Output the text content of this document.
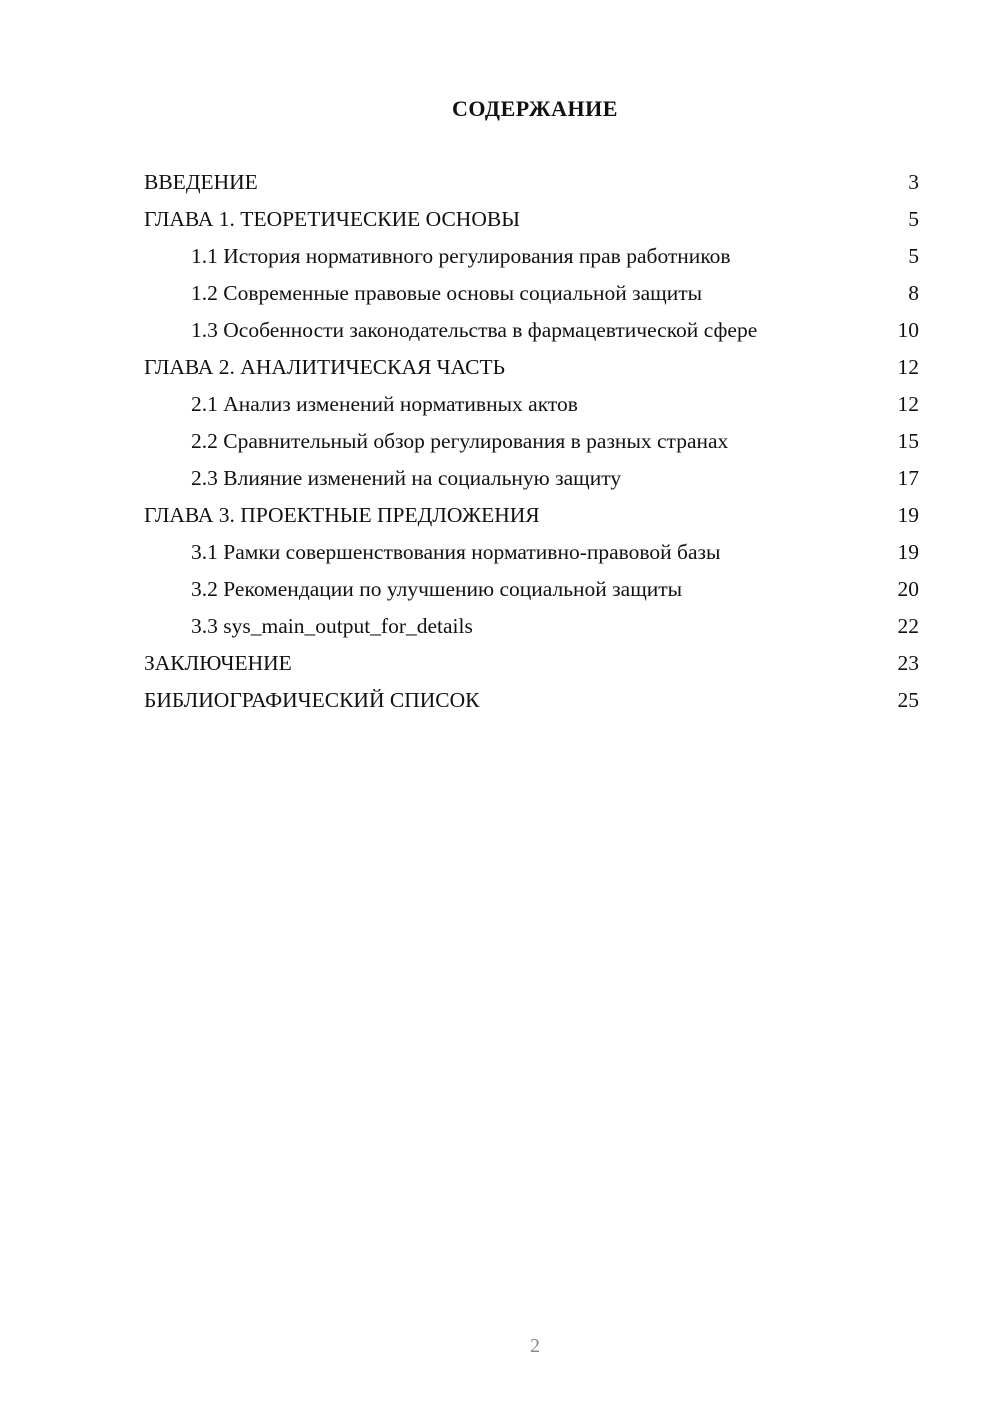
СОДЕРЖАНИЕ
ВВЕДЕНИЕ	3
ГЛАВА 1. ТЕОРЕТИЧЕСКИЕ ОСНОВЫ	5
1.1 История нормативного регулирования прав работников	5
1.2 Современные правовые основы социальной защиты	8
1.3 Особенности законодательства в фармацевтической сфере	10
ГЛАВА 2. АНАЛИТИЧЕСКАЯ ЧАСТЬ	12
2.1 Анализ изменений нормативных актов	12
2.2 Сравнительный обзор регулирования в разных странах	15
2.3 Влияние изменений на социальную защиту	17
ГЛАВА 3. ПРОЕКТНЫЕ ПРЕДЛОЖЕНИЯ	19
3.1 Рамки совершенствования нормативно-правовой базы	19
3.2 Рекомендации по улучшению социальной защиты	20
3.3 sys_main_output_for_details	22
ЗАКЛЮЧЕНИЕ	23
БИБЛИОГРАФИЧЕСКИЙ СПИСОК	25
2
